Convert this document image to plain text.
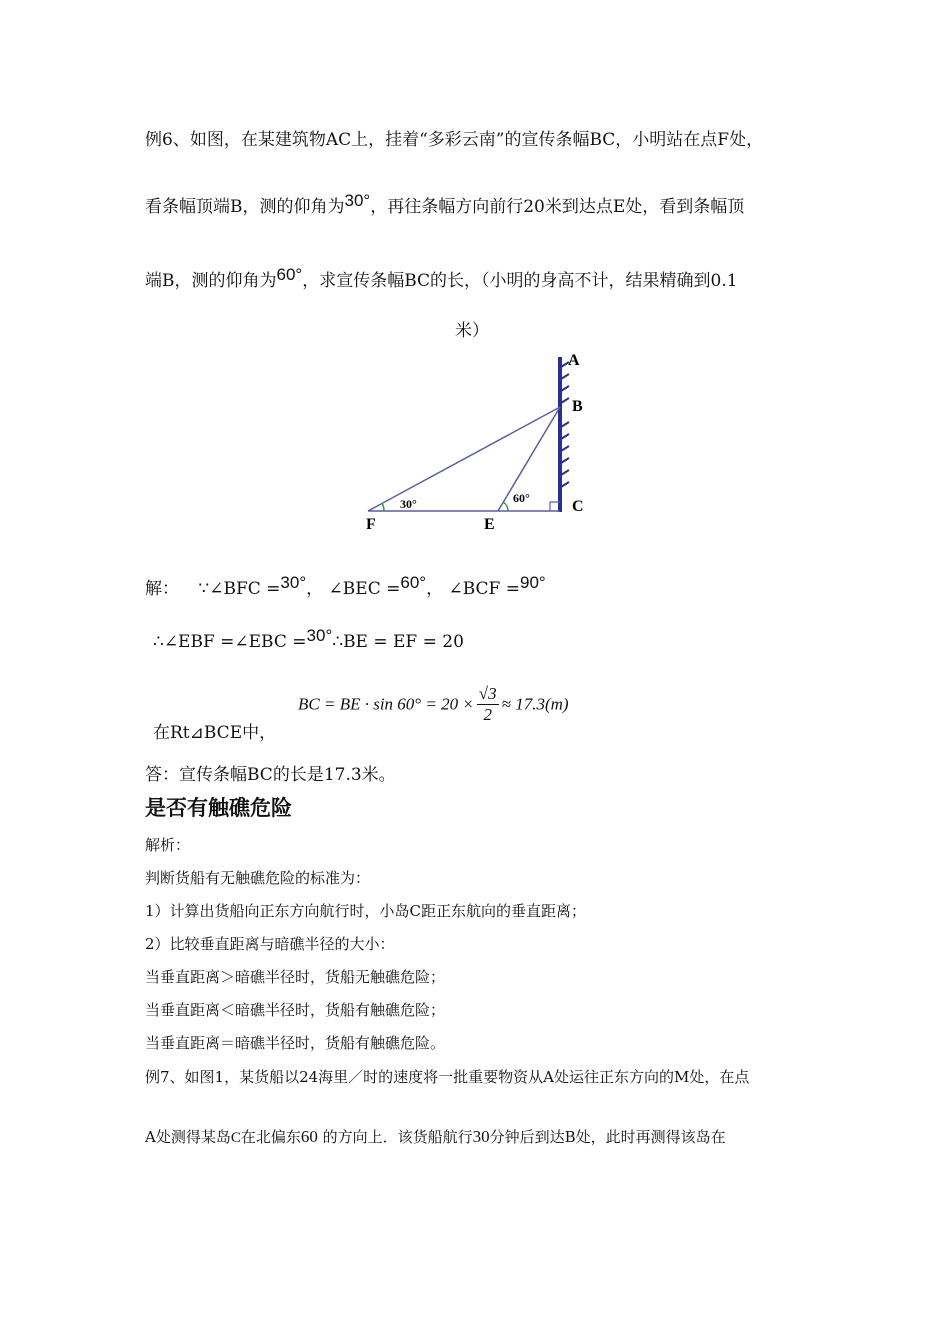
例6、如图，在某建筑物AC上，挂着“多彩云南”的宣传条幅BC，小明站在点F处，
看条幅顶端B，测的仰角为30°，再往条幅方向前行20米到达点E处，看到条幅顶
端B，测的仰角为60°，求宣传条幅BC的长，（小明的身高不计，结果精确到0.1
米）
30°	60°
A
B
C
E
F
解： ∵∠BFC =30°， ∠BEC =60°， ∠BCF =90°
∴∠EBF =∠EBC =30°∴BE = EF = 20
在Rt⊿BCE中，
BC = BE · $\sin 60^\circ = 20 \times \frac{√3}{2} \approx 17.3(m)$
答：宣传条幅BC的长是17.3米。
是否有触礁危险
解析：
判断货船有无触礁危险的标准为：
1）计算出货船向正东方向航行时，小岛C距正东航向的垂直距离；
2）比较垂直距离与暗礁半径的大小：
当垂直距离＞暗礁半径时，货船无触礁危险；
当垂直距离＜暗礁半径时，货船有触礁危险；
当垂直距离＝暗礁半径时，货船有触礁危险。
例7、如图1，某货船以24海里／时的速度将一批重要物资从A处运往正东方向的M处，在点
A处测得某岛C在北偏东60 的方向上．该货船航行30分钟后到达B处，此时再测得该岛在
